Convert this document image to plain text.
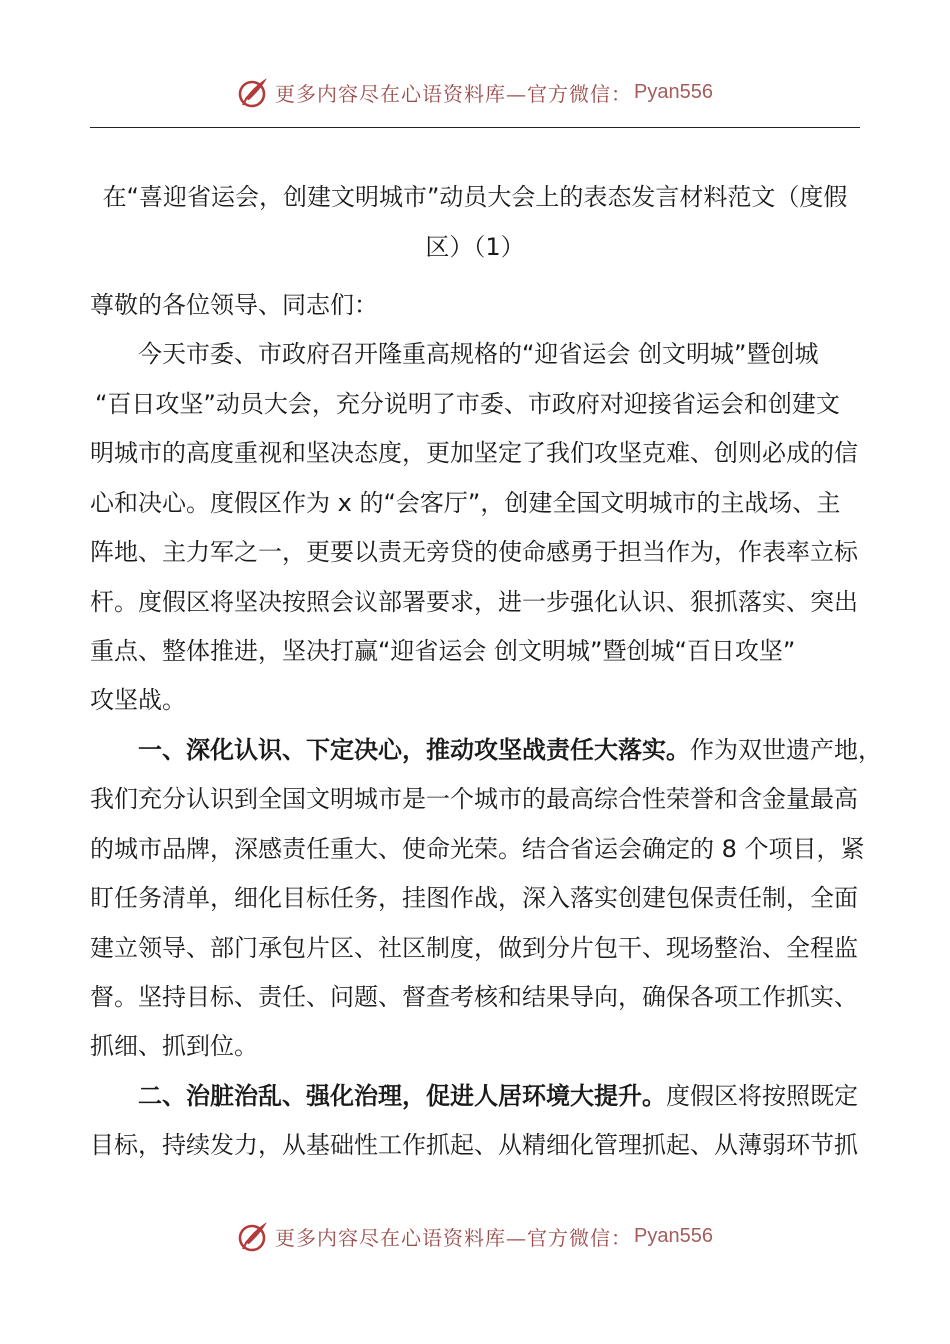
更多内容尽在心语资料库—官方微信： Pyan556
在“喜迎省运会，创建文明城市”动员大会上的表态发言材料范文（度假
区）（1）
尊敬的各位领导、同志们：
今天市委、市政府召开隆重高规格的“迎省运会 创文明城”暨创城
“百日攻坚”动员大会，充分说明了市委、市政府对迎接省运会和创建文
明城市的高度重视和坚决态度，更加坚定了我们攻坚克难、创则必成的信
心和决心。度假区作为 x 的“会客厅”，创建全国文明城市的主战场、主
阵地、主力军之一，更要以责无旁贷的使命感勇于担当作为，作表率立标
杆。度假区将坚决按照会议部署要求，进一步强化认识、狠抓落实、突出
重点、整体推进，坚决打赢“迎省运会 创文明城”暨创城“百日攻坚”
攻坚战。
一、深化认识、下定决心，推动攻坚战责任大落实。作为双世遗产地，
我们充分认识到全国文明城市是一个城市的最高综合性荣誉和含金量最高
的城市品牌，深感责任重大、使命光荣。结合省运会确定的 8 个项目，紧
盯任务清单，细化目标任务，挂图作战，深入落实创建包保责任制，全面
建立领导、部门承包片区、社区制度，做到分片包干、现场整治、全程监
督。坚持目标、责任、问题、督查考核和结果导向，确保各项工作抓实、
抓细、抓到位。
二、治脏治乱、强化治理，促进人居环境大提升。度假区将按照既定
目标，持续发力，从基础性工作抓起、从精细化管理抓起、从薄弱环节抓
更多内容尽在心语资料库—官方微信： Pyan556
